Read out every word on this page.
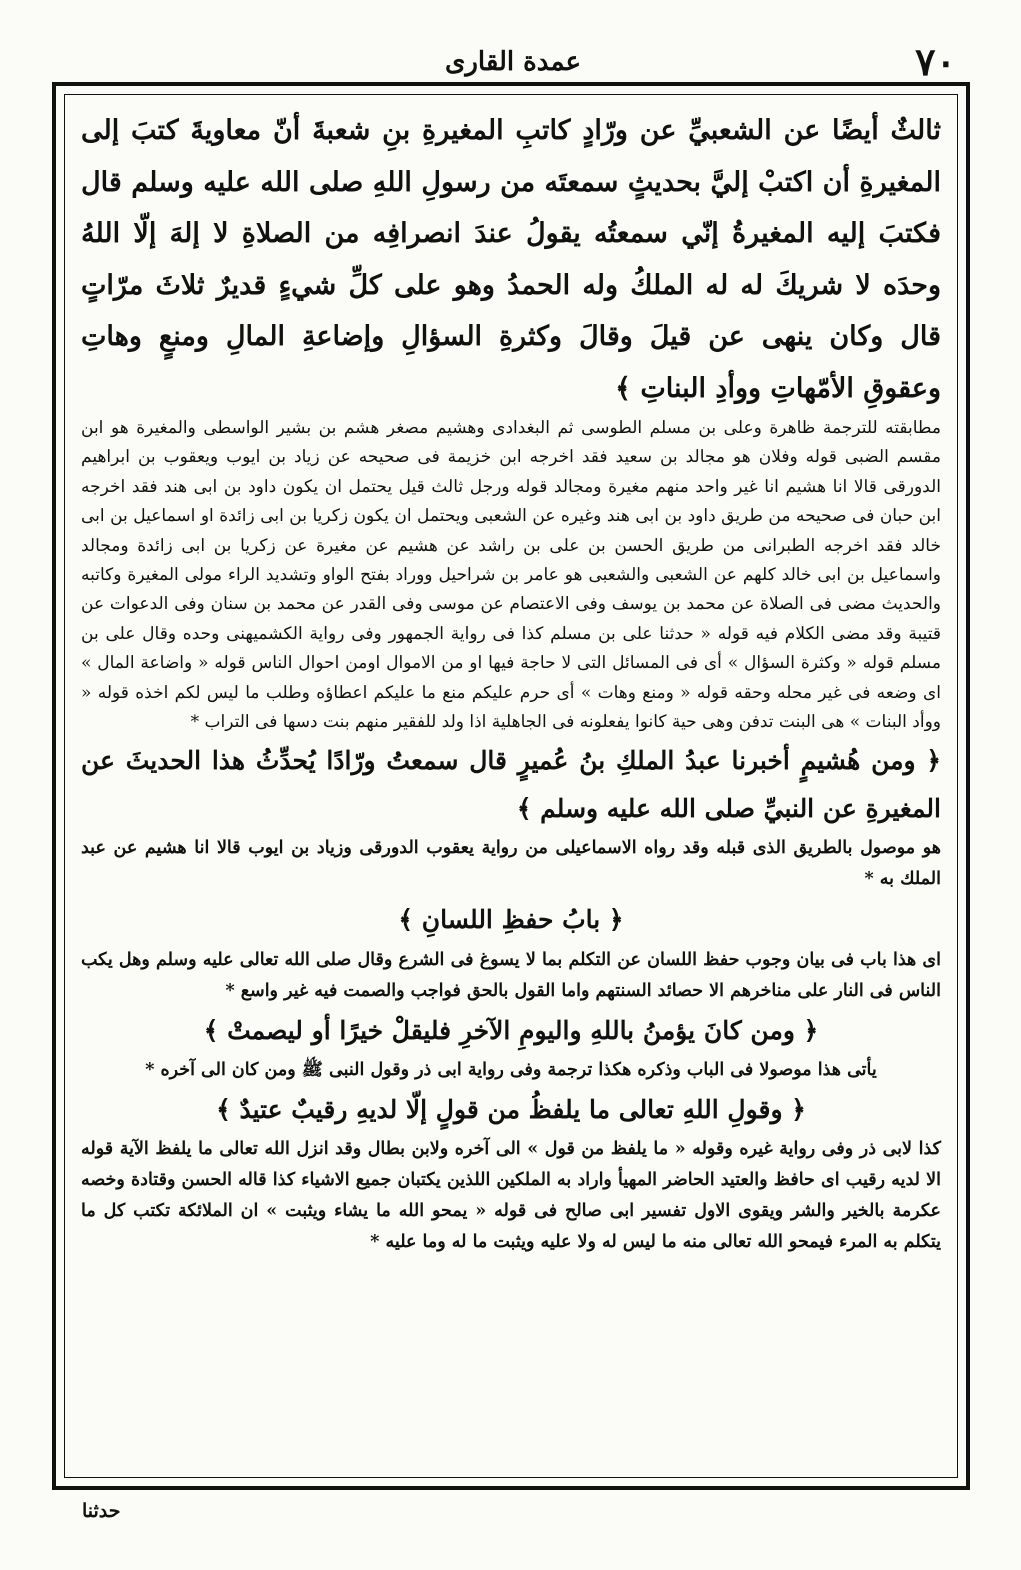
٧٠
عمدة القاری

ثالثٌ أيضًا عن الشعبيِّ عن ورّادٍ كاتبِ المغيرةِ بنِ شعبةَ أنّ معاويةَ كتبَ إلى المغيرةِ أن اكتبْ إليَّ بحديثٍ سمعتَه من رسولِ اللهِ صلى الله عليه وسلم قال فكتبَ إليه المغيرةُ إنّي سمعتُه يقولُ عندَ انصرافِه من الصلاةِ لا إلهَ إلّا اللهُ وحدَه لا شريكَ له له الملكُ وله الحمدُ وهو على كلِّ شيءٍ قديرٌ ثلاثَ مرّاتٍ قال وكان ينهى عن قيلَ وقالَ وكثرةِ السؤالِ وإضاعةِ المالِ ومنعٍ وهاتِ وعقوقِ الأمّهاتِ ووأدِ البناتِ ﴾

مطابقته للترجمة ظاهرة وعلى بن مسلم الطوسى ثم البغدادى وهشيم مصغر هشم بن بشير الواسطى والمغيرة هو ابن مقسم الضبى قوله وفلان هو مجالد بن سعيد فقد اخرجه ابن خزيمة فى صحيحه عن زياد بن ايوب ويعقوب بن ابراهيم الدورقى قالا انا هشيم انا غير واحد منهم مغيرة ومجالد قوله ورجل ثالث قيل يحتمل ان يكون داود بن ابى هند فقد اخرجه ابن حبان فى صحيحه من طريق داود بن ابى هند وغيره عن الشعبى ويحتمل ان يكون زكريا بن ابى زائدة او اسماعيل بن ابى خالد فقد اخرجه الطبرانى من طريق الحسن بن على بن راشد عن هشيم عن مغيرة عن زكريا بن ابى زائدة ومجالد واسماعيل بن ابى خالد كلهم عن الشعبى والشعبى هو عامر بن شراحيل ووراد بفتح الواو وتشديد الراء مولى المغيرة وكاتبه والحديث مضى فى الصلاة عن محمد بن يوسف وفى الاعتصام عن موسى وفى القدر عن محمد بن سنان وفى الدعوات عن قتيبة وقد مضى الكلام فيه قوله « حدثنا على بن مسلم كذا فى رواية الجمهور وفى رواية الكشميهنى وحده وقال على بن مسلم قوله « وكثرة السؤال » أى فى المسائل التى لا حاجة فيها او من الاموال اومن احوال الناس قوله « واضاعة المال » اى وضعه فى غير محله وحقه قوله « ومنع وهات » أى حرم عليكم منع ما عليكم اعطاؤه وطلب ما ليس لكم اخذه قوله « ووأد البنات » هى البنت تدفن وهى حية كانوا يفعلونه فى الجاهلية اذا ولد للفقير منهم بنت دسها فى التراب *

﴿ ومن هُشيمٍ أخبرنا عبدُ الملكِ بنُ عُميرٍ قال سمعتُ ورّادًا يُحدِّثُ هذا الحديثَ عن المغيرةِ عن النبيِّ صلى الله عليه وسلم ﴾

هو موصول بالطريق الذى قبله وقد رواه الاسماعيلى من رواية يعقوب الدورقى وزياد بن ايوب قالا انا هشيم عن عبد الملك به *

﴿ بابُ حفظِ اللسانِ ﴾

اى هذا باب فى بيان وجوب حفظ اللسان عن التكلم بما لا يسوغ فى الشرع وقال صلى الله تعالى عليه وسلم وهل يكب الناس فى النار على مناخرهم الا حصائد السنتهم واما القول بالحق فواجب والصمت فيه غير واسع *

﴿ ومن كانَ يؤمنُ باللهِ واليومِ الآخرِ فليقلْ خيرًا أو ليصمتْ ﴾

يأتى هذا موصولا فى الباب وذكره هكذا ترجمة وفى رواية ابى ذر وقول النبى ﷺ ومن كان الى آخره *

﴿ وقولِ اللهِ تعالى ما يلفظُ من قولٍ إلّا لديهِ رقيبٌ عتيدٌ ﴾

كذا لابى ذر وفى رواية غيره وقوله « ما يلفظ من قول » الى آخره ولابن بطال وقد انزل الله تعالى ما يلفظ الآية قوله الا لديه رقيب اى حافظ والعتيد الحاضر المهيأ واراد به الملكين اللذين يكتبان جميع الاشياء كذا قاله الحسن وقتادة وخصه عكرمة بالخير والشر ويقوى الاول تفسير ابى صالح فى قوله « يمحو الله ما يشاء ويثبت » ان الملائكة تكتب كل ما يتكلم به المرء فيمحو الله تعالى منه ما ليس له ولا عليه ويثبت ما له وما عليه *

حدثنا
